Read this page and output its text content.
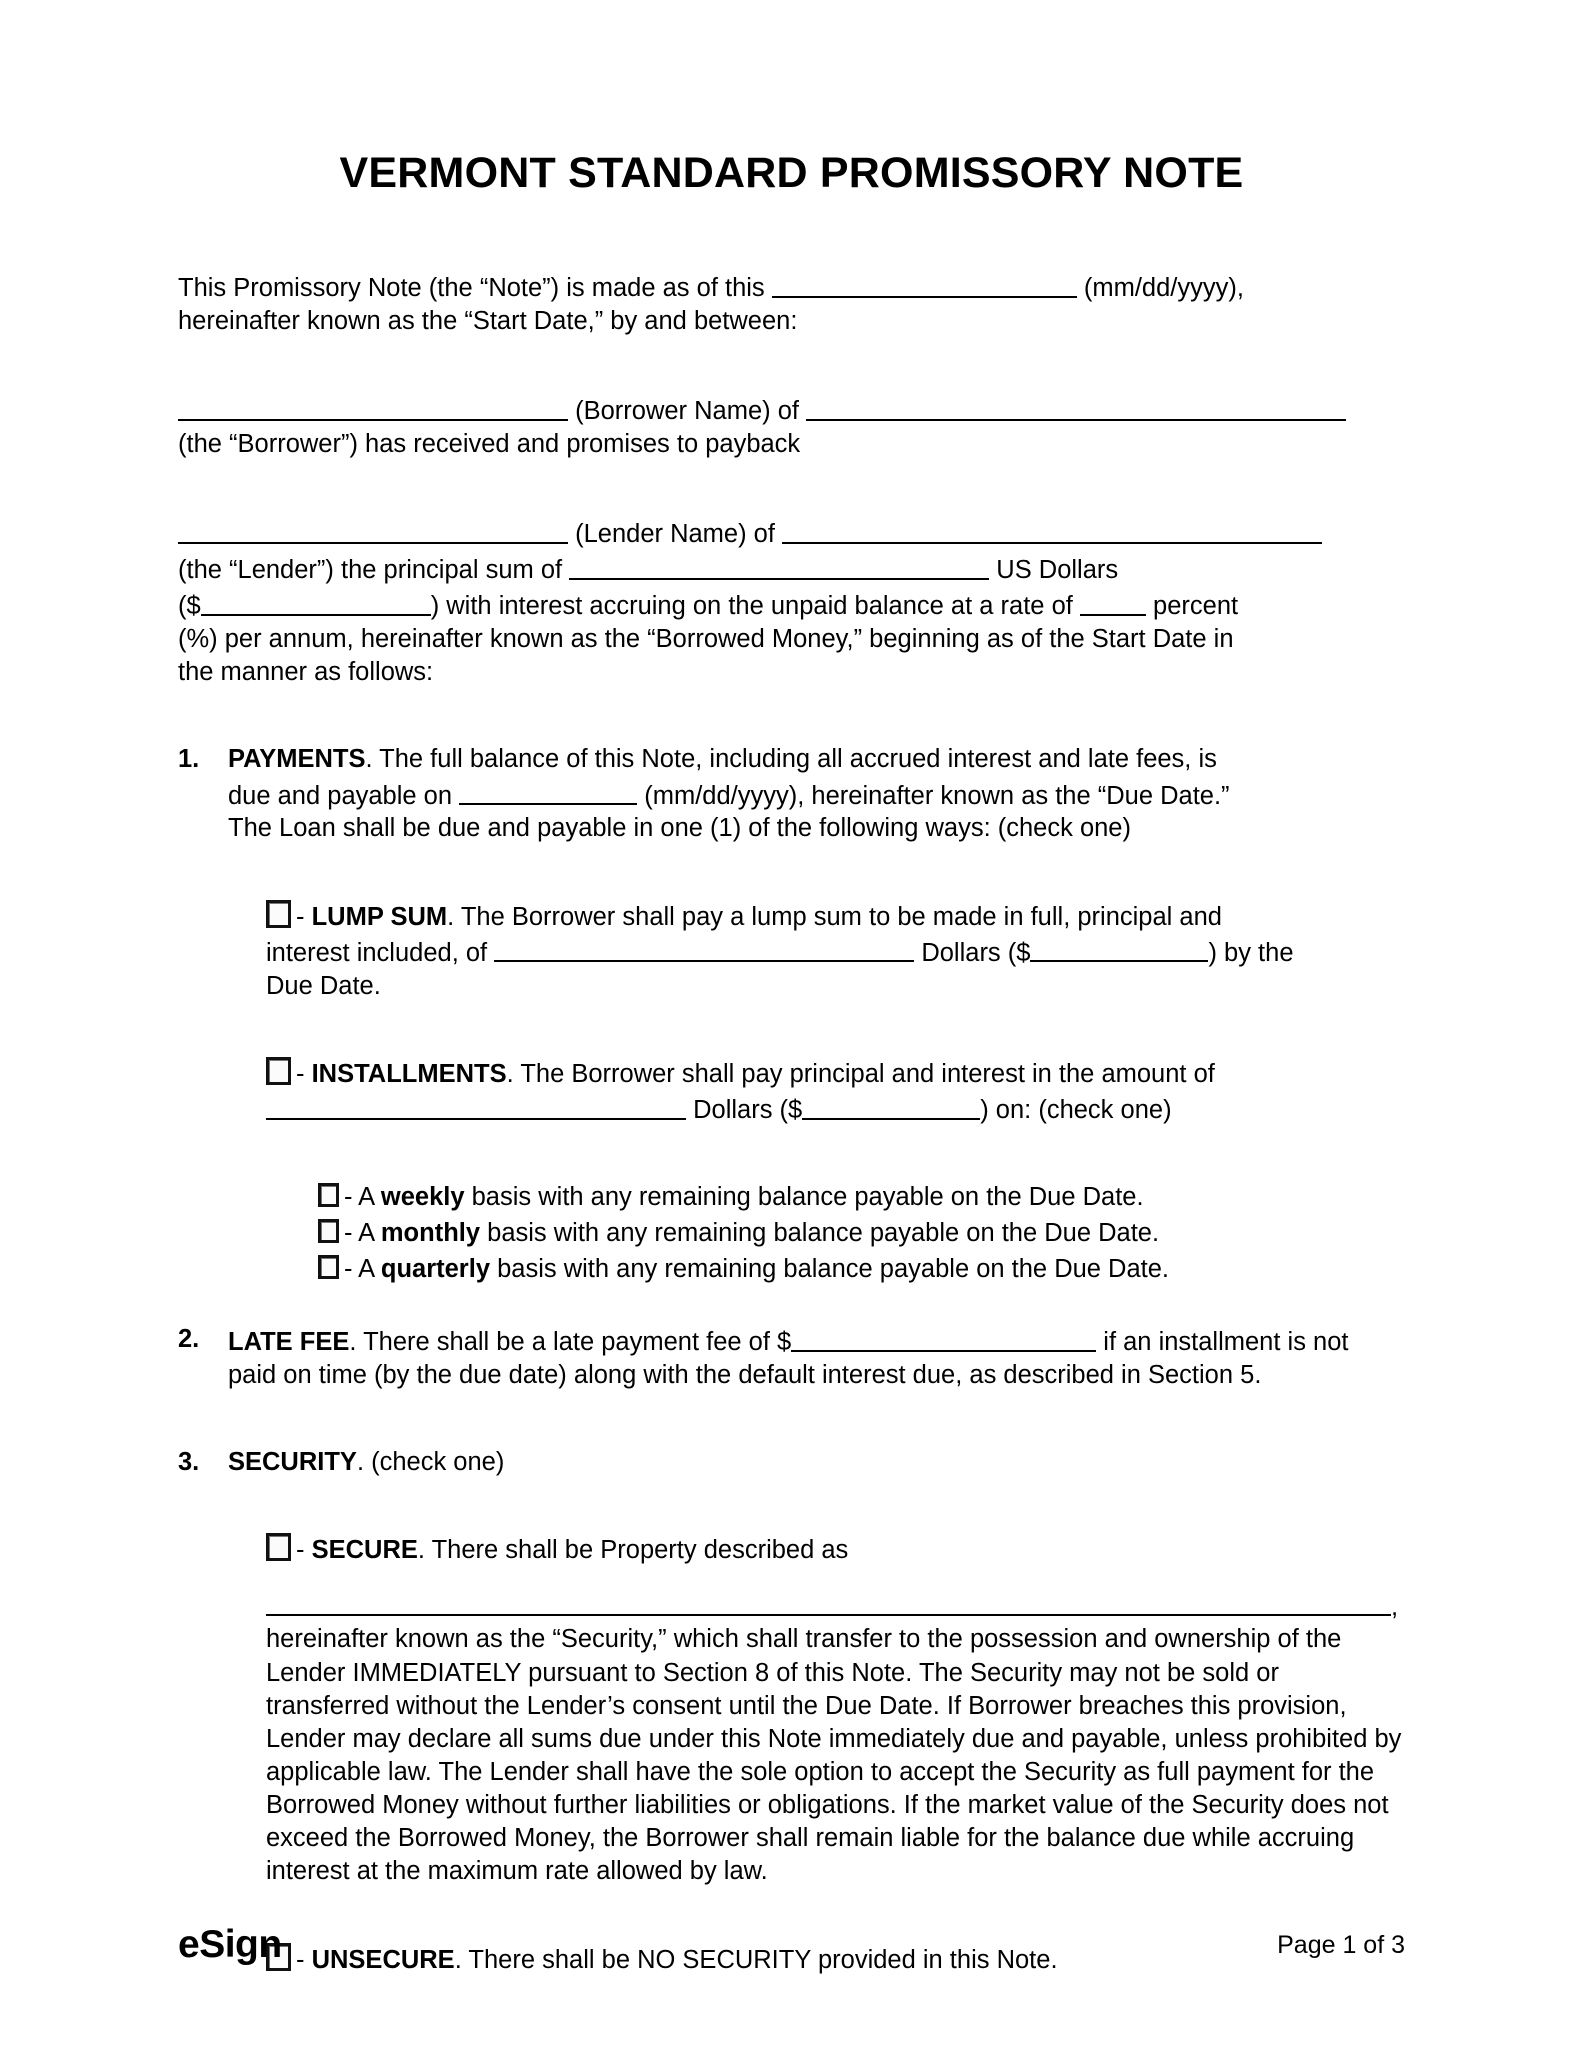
VERMONT STANDARD PROMISSORY NOTE
This Promissory Note (the “Note”) is made as of this	(mm/dd/yyyy),
hereinafter known as the “Start Date,” by and between:
(Borrower Name) of
(the “Borrower”) has received and promises to payback
(Lender Name) of
(the “Lender”) the principal sum of	US Dollars
($	) with interest accruing on the unpaid balance at a rate of	percent
(%) per annum, hereinafter known as the “Borrowed Money,” beginning as of the Start Date in
the manner as follows:
1.	PAYMENTS. The full balance of this Note, including all accrued interest and late fees, is
due and payable on	(mm/dd/yyyy), hereinafter known as the “Due Date.”
The Loan shall be due and payable in one (1) of the following ways: (check one)
- LUMP SUM. The Borrower shall pay a lump sum to be made in full, principal and
interest included, of	Dollars ($	) by the
Due Date.
- INSTALLMENTS. The Borrower shall pay principal and interest in the amount of
Dollars ($	) on: (check one)
- A weekly basis with any remaining balance payable on the Due Date.
- A monthly basis with any remaining balance payable on the Due Date.
- A quarterly basis with any remaining balance payable on the Due Date.
2.	LATE FEE. There shall be a late payment fee of $	if an installment is not
paid on time (by the due date) along with the default interest due, as described in Section 5.
3.	SECURITY. (check one)
- SECURE. There shall be Property described as
,
hereinafter known as the “Security,” which shall transfer to the possession and ownership of the Lender IMMEDIATELY pursuant to Section 8 of this Note. The Security may not be sold or transferred without the Lender’s consent until the Due Date. If Borrower breaches this provision, Lender may declare all sums due under this Note immediately due and payable, unless prohibited by applicable law. The Lender shall have the sole option to accept the Security as full payment for the Borrowed Money without further liabilities or obligations. If the market value of the Security does not exceed the Borrowed Money, the Borrower shall remain liable for the balance due while accruing interest at the maximum rate allowed by law.
- UNSECURE. There shall be NO SECURITY provided in this Note.
eSign	Page 1 of 3
